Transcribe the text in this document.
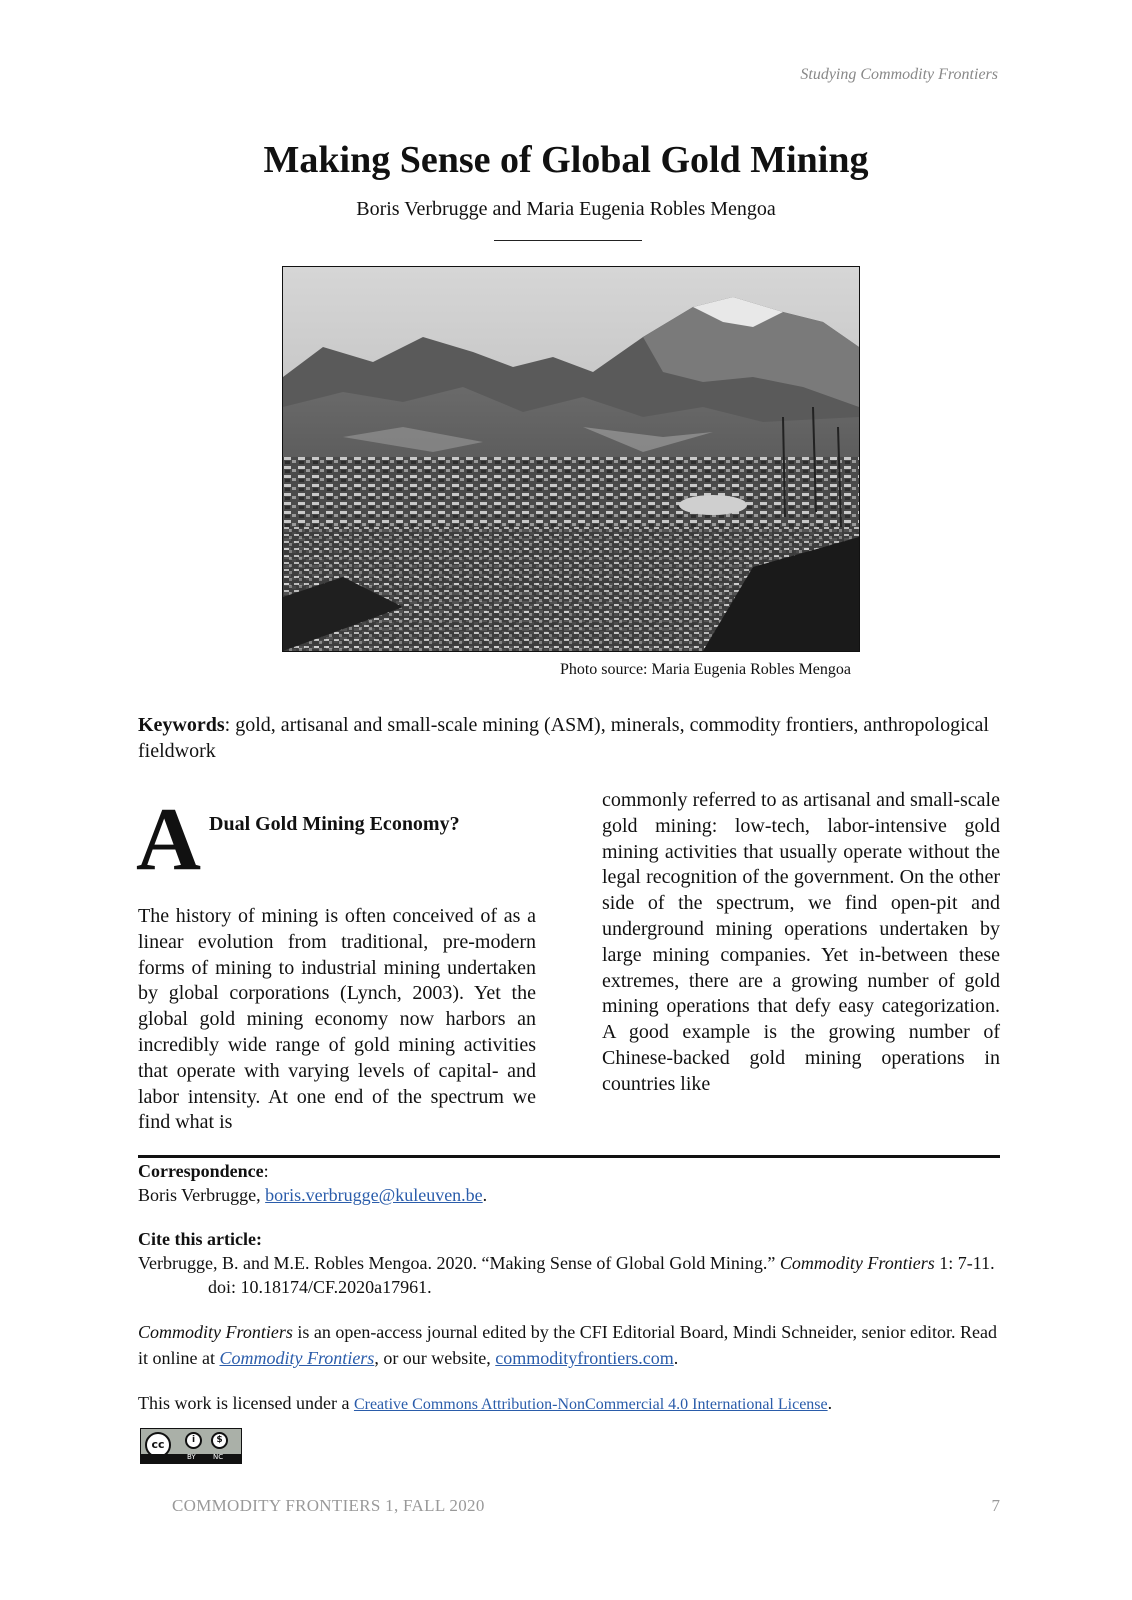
Studying Commodity Frontiers
Making Sense of Global Gold Mining
Boris Verbrugge and Maria Eugenia Robles Mengoa
Photo source: Maria Eugenia Robles Mengoa
Keywords: gold, artisanal and small-scale mining (ASM), minerals, commodity frontiers, anthropological fieldwork
A Dual Gold Mining Economy?

The history of mining is often conceived of as a linear evolution from traditional, pre-modern forms of mining to industrial mining undertaken by global corporations (Lynch, 2003). Yet the global gold mining economy now harbors an incredibly wide range of gold mining activities that operate with varying levels of capital- and labor intensity. At one end of the spectrum we find what is

commonly referred to as artisanal and small-scale gold mining: low-tech, labor-intensive gold mining activities that usually operate without the legal recognition of the government. On the other side of the spectrum, we find open-pit and underground mining operations undertaken by large mining companies. Yet in-between these extremes, there are a growing number of gold mining operations that defy easy categorization. A good example is the growing number of Chinese-backed gold mining operations in countries like

Correspondence:
Boris Verbrugge, boris.verbrugge@kuleuven.be.
Cite this article:
Verbrugge, B. and M.E. Robles Mengoa. 2020. “Making Sense of Global Gold Mining.” Commodity Frontiers 1: 7-11. doi: 10.18174/CF.2020a17961.
Commodity Frontiers is an open-access journal edited by the CFI Editorial Board, Mindi Schneider, senior editor. Read it online at Commodity Frontiers, or our website, commodityfrontiers.com.
This work is licensed under a Creative Commons Attribution-NonCommercial 4.0 International License.
cc	i	$
BY NC
COMMODITY FRONTIERS 1, FALL 2020	7
